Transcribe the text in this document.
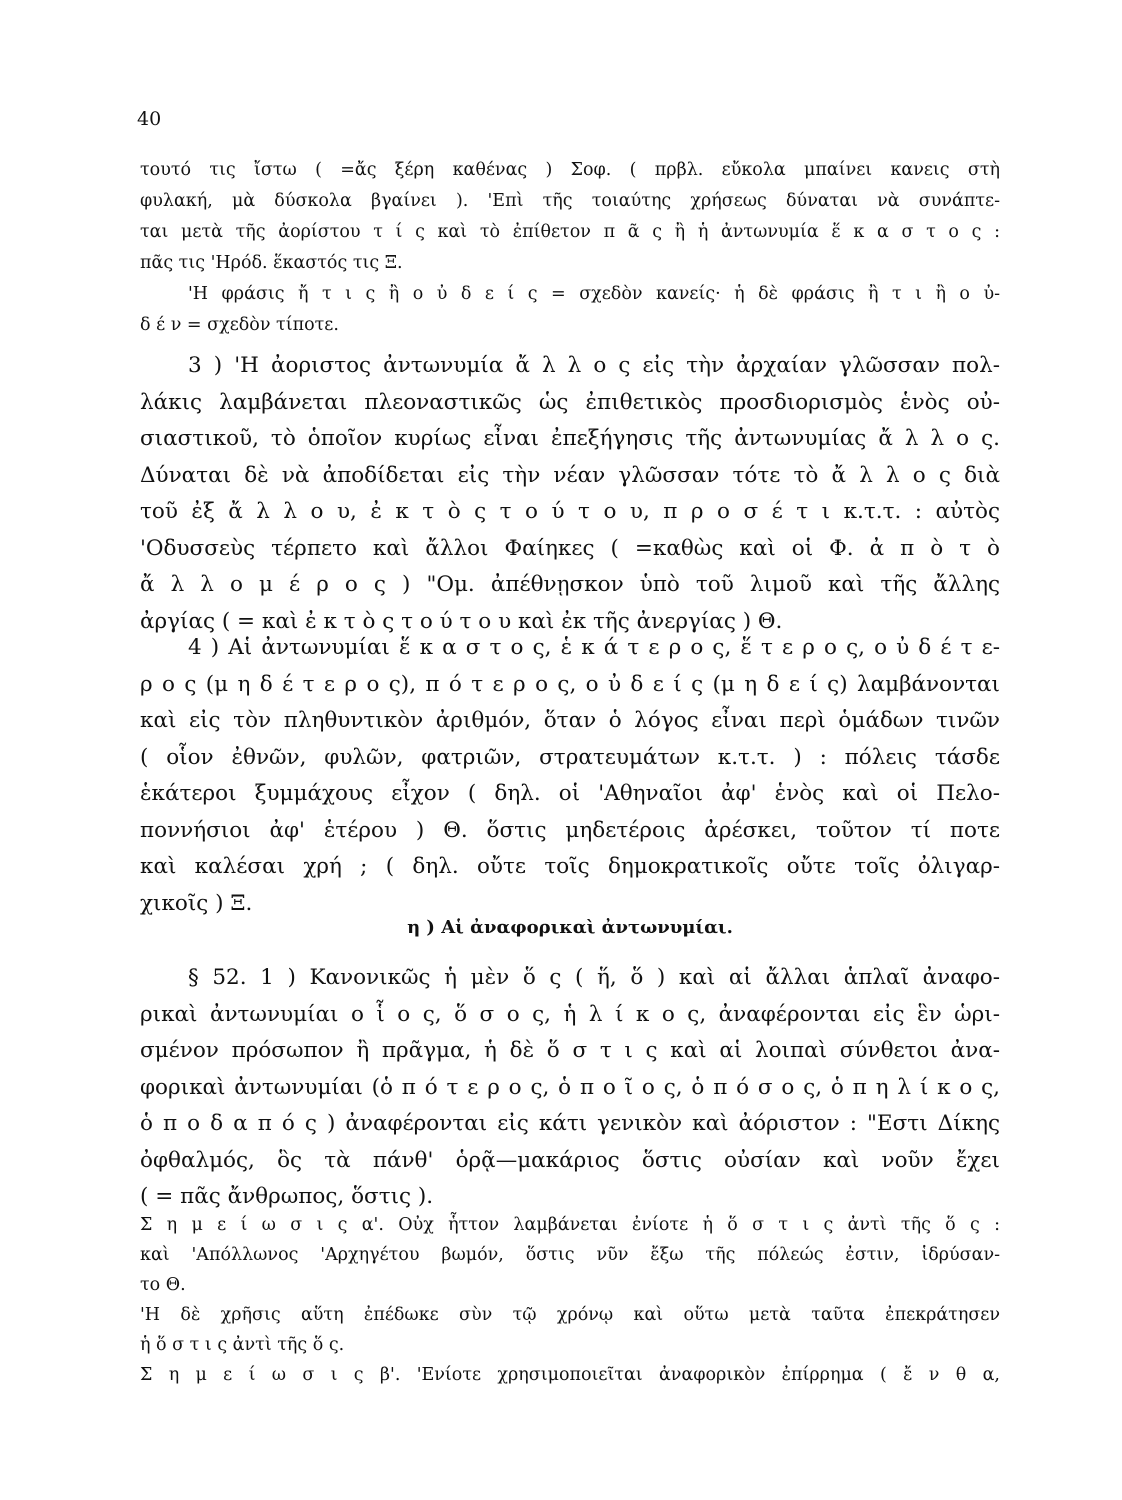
40
τουτό τις ἴστω ( =ἄς ξέρη καθένας ) Σοφ. ( πρβλ. εὔκολα μπαίνει κανεις στὴ
φυλακή, μὰ δύσκολα βγαίνει ). 'Επὶ τῆς τοιαύτης χρήσεως δύναται νὰ συνάπτε-
ται μετὰ τῆς ἀορίστου τ ί ς καὶ τὸ ἐπίθετον π ᾶ ς ἢ ἡ ἀντωνυμία ἕ κ α σ τ ο ς :
πᾶς τις 'Ηρόδ. ἕκαστός τις Ξ.
'Η φράσις ἤ τ ι ς ἢ ο ὐ δ ε ί ς = σχεδὸν κανείς· ἡ δὲ φράσις ἢ τ ι ἢ ο ὐ-
δ έ ν = σχεδὸν τίποτε.
3 ) 'Η ἀοριστος ἀντωνυμία ἄ λ λ ο ς εἰς τὴν ἀρχαίαν γλῶσσαν πολ-
λάκις λαμβάνεται πλεοναστικῶς ὡς ἐπιθετικὸς προσδιορισμὸς ἑνὸς οὐ-
σιαστικοῦ, τὸ ὁποῖον κυρίως εἶναι ἐπεξήγησις τῆς ἀντωνυμίας ἄ λ λ ο ς.
Δύναται δὲ νὰ ἀποδίδεται εἰς τὴν νέαν γλῶσσαν τότε τὸ ἄ λ λ ο ς διὰ
τοῦ ἐξ ἄ λ λ ο υ, ἐ κ τ ὸ ς τ ο ύ τ ο υ, π ρ ο σ έ τ ι κ.τ.τ. : αὐτὸς
'Οδυσσεὺς τέρπετο καὶ ἄλλοι Φαίηκες ( =καθὼς καὶ οἱ Φ. ἀ π ὸ τ ὸ
ἄ λ λ ο μ έ ρ ο ς ) "Ομ. ἀπέθνῃσκον ὑπὸ τοῦ λιμοῦ καὶ τῆς ἄλλης
ἀργίας ( = καὶ ἐ κ τ ὸ ς τ ο ύ τ ο υ καὶ ἐκ τῆς ἀνεργίας ) Θ.
4 ) Αἱ ἀντωνυμίαι ἕ κ α σ τ ο ς, ἑ κ ά τ ε ρ ο ς, ἕ τ ε ρ ο ς, ο ὐ δ έ τ ε-
ρ ο ς (μ η δ έ τ ε ρ ο ς), π ό τ ε ρ ο ς, ο ὐ δ ε ί ς (μ η δ ε ί ς) λαμβάνονται
καὶ εἰς τὸν πληθυντικὸν ἀριθμόν, ὅταν ὁ λόγος εἶναι περὶ ὁμάδων τινῶν
( οἷον ἐθνῶν, φυλῶν, φατριῶν, στρατευμάτων κ.τ.τ. ) : πόλεις τάσδε
ἑκάτεροι ξυμμάχους εἶχον ( δηλ. οἱ 'Αθηναῖοι ἀφ' ἑνὸς καὶ οἱ Πελο-
ποννήσιοι ἀφ' ἑτέρου ) Θ. ὅστις μηδετέροις ἀρέσκει, τοῦτον τί ποτε
καὶ καλέσαι χρή ; ( δηλ. οὔτε τοῖς δημοκρατικοῖς οὔτε τοῖς ὀλιγαρ-
χικοῖς ) Ξ.
η ) Αἱ ἀναφορικαὶ ἀντωνυμίαι.
§ 52. 1 ) Κανονικῶς ἡ μὲν ὅ ς ( ἥ, ὅ ) καὶ αἱ ἄλλαι ἁπλαῖ ἀναφο-
ρικαὶ ἀντωνυμίαι ο ἷ ο ς, ὅ σ ο ς, ἡ λ ί κ ο ς, ἀναφέρονται εἰς ἓν ὡρι-
σμένον πρόσωπον ἢ πρᾶγμα, ἡ δὲ ὅ σ τ ι ς καὶ αἱ λοιπαὶ σύνθετοι ἀνα-
φορικαὶ ἀντωνυμίαι (ὁ π ό τ ε ρ ο ς, ὁ π ο ῖ ο ς, ὁ π ό σ ο ς, ὁ π η λ ί κ ο ς,
ὁ π ο δ α π ό ς ) ἀναφέρονται εἰς κάτι γενικὸν καὶ ἀόριστον : "Εστι Δίκης
ὀφθαλμός, ὃς τὰ πάνθ' ὁρᾷ—μακάριος ὅστις οὐσίαν καὶ νοῦν ἔχει
( = πᾶς ἄνθρωπος, ὅστις ).
Σ η μ ε ί ω σ ι ς α'. Οὐχ ἧττον λαμβάνεται ἐνίοτε ἡ ὅ σ τ ι ς ἀντὶ τῆς ὅ ς :
καὶ 'Απόλλωνος 'Αρχηγέτου βωμόν, ὅστις νῦν ἔξω τῆς πόλεώς ἐστιν, ἱδρύσαν-
το Θ.
'Η δὲ χρῆσις αὕτη ἐπέδωκε σὺν τῷ χρόνῳ καὶ οὕτω μετὰ ταῦτα ἐπεκράτησεν
ἡ ὅ σ τ ι ς ἀντὶ τῆς ὅ ς.
Σ η μ ε ί ω σ ι ς β'. 'Ενίοτε χρησιμοποιεῖται ἀναφορικὸν ἐπίρρημα ( ἔ ν θ α,
